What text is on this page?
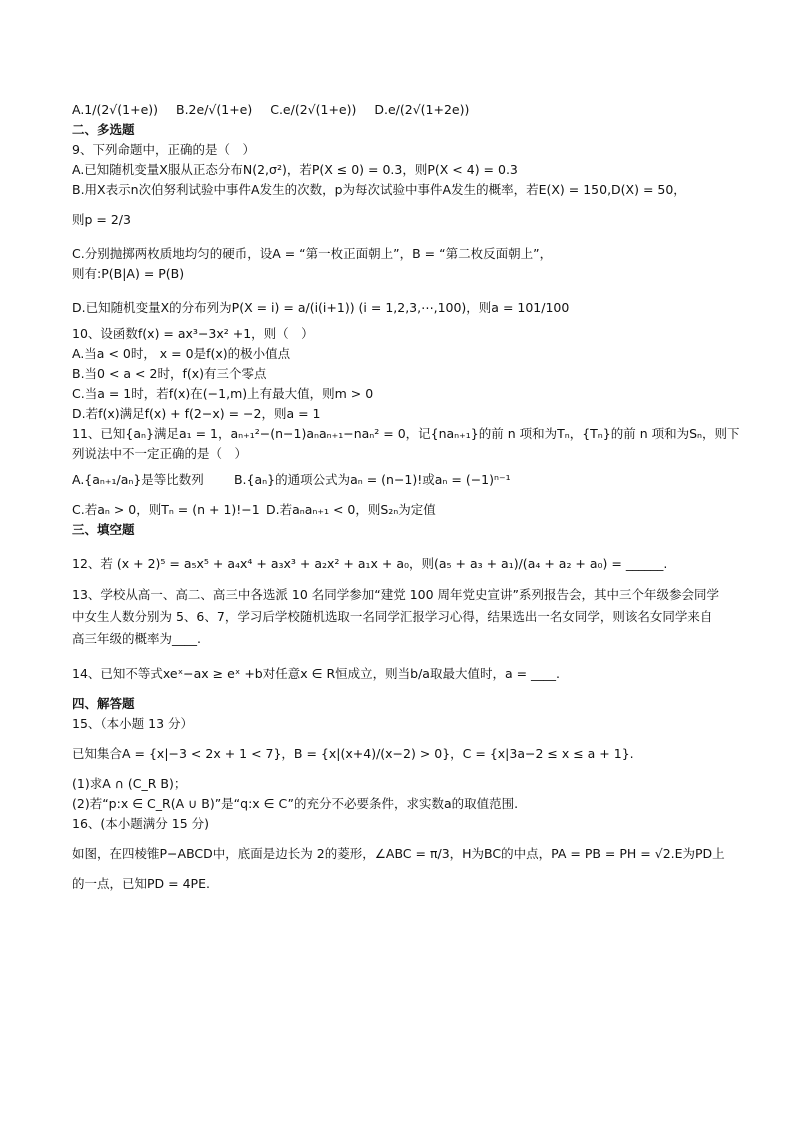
A.1/(2√(1+e)) B.2e/√(1+e) C.e/(2√(1+e)) D.e/(2√(1+2e))
二、多选题
9、下列命题中，正确的是（　）
A.已知随机变量X服从正态分布N(2,σ²)，若P(X ≤ 0) = 0.3，则P(X < 4) = 0.3
B.用X表示n次伯努利试验中事件A发生的次数，p为每次试验中事件A发生的概率，若E(X) = 150,D(X) = 50，
则p = 2/3
C.分别抛掷两枚质地均匀的硬币，设A = “第一枚正面朝上”，B = “第二枚反面朝上”，
则有:P(B|A) = P(B)
D.已知随机变量X的分布列为P(X = i) = a/(i(i+1)) (i = 1,2,3,⋯,100)，则a = 101/100
10、设函数f(x) = ax³−3x² +1，则（　）
A.当a < 0时， x = 0是f(x)的极小值点
B.当0 < a < 2时，f(x)有三个零点
C.当a = 1时，若f(x)在(−1,m)上有最大值，则m > 0
D.若f(x)满足f(x) + f(2−x) = −2，则a = 1
11、已知{aₙ}满足a₁ = 1，aₙ₊₁²−(n−1)aₙaₙ₊₁−naₙ² = 0，记{naₙ₊₁}的前 n 项和为Tₙ，{Tₙ}的前 n 项和为Sₙ，则下
列说法中不一定正确的是（　）
A.{aₙ₊₁/aₙ}是等比数列 B.{aₙ}的通项公式为aₙ = (n−1)!或aₙ = (−1)ⁿ⁻¹
C.若aₙ > 0，则Tₙ = (n + 1)!−1 D.若aₙaₙ₊₁ < 0，则S₂ₙ为定值
三、填空题
12、若 (x + 2)⁵ = a₅x⁵ + a₄x⁴ + a₃x³ + a₂x² + a₁x + a₀，则(a₅ + a₃ + a₁)/(a₄ + a₂ + a₀) = ______.
13、学校从高一、高二、高三中各选派 10 名同学参加“建党 100 周年党史宣讲”系列报告会，其中三个年级参会同学中女生人数分别为 5、6、7，学习后学校随机选取一名同学汇报学习心得，结果选出一名女同学，则该名女同学来自高三年级的概率为____.
14、已知不等式xeˣ−ax ≥ eˣ +b对任意x ∈ R恒成立，则当b/a取最大值时，a = ____.
四、解答题
15、（本小题 13 分）
已知集合A = {x|−3 < 2x + 1 < 7}，B = {x|(x+4)/(x−2) > 0}，C = {x|3a−2 ≤ x ≤ a + 1}.
(1)求A ∩ (C_R B)；
(2)若“p:x ∈ C_R(A ∪ B)”是“q:x ∈ C”的充分不必要条件，求实数a的取值范围.
16、(本小题满分 15 分)
如图，在四棱锥P−ABCD中，底面是边长为 2的菱形，∠ABC = π/3，H为BC的中点，PA = PB = PH = √2.E为PD上
的一点，已知PD = 4PE.
